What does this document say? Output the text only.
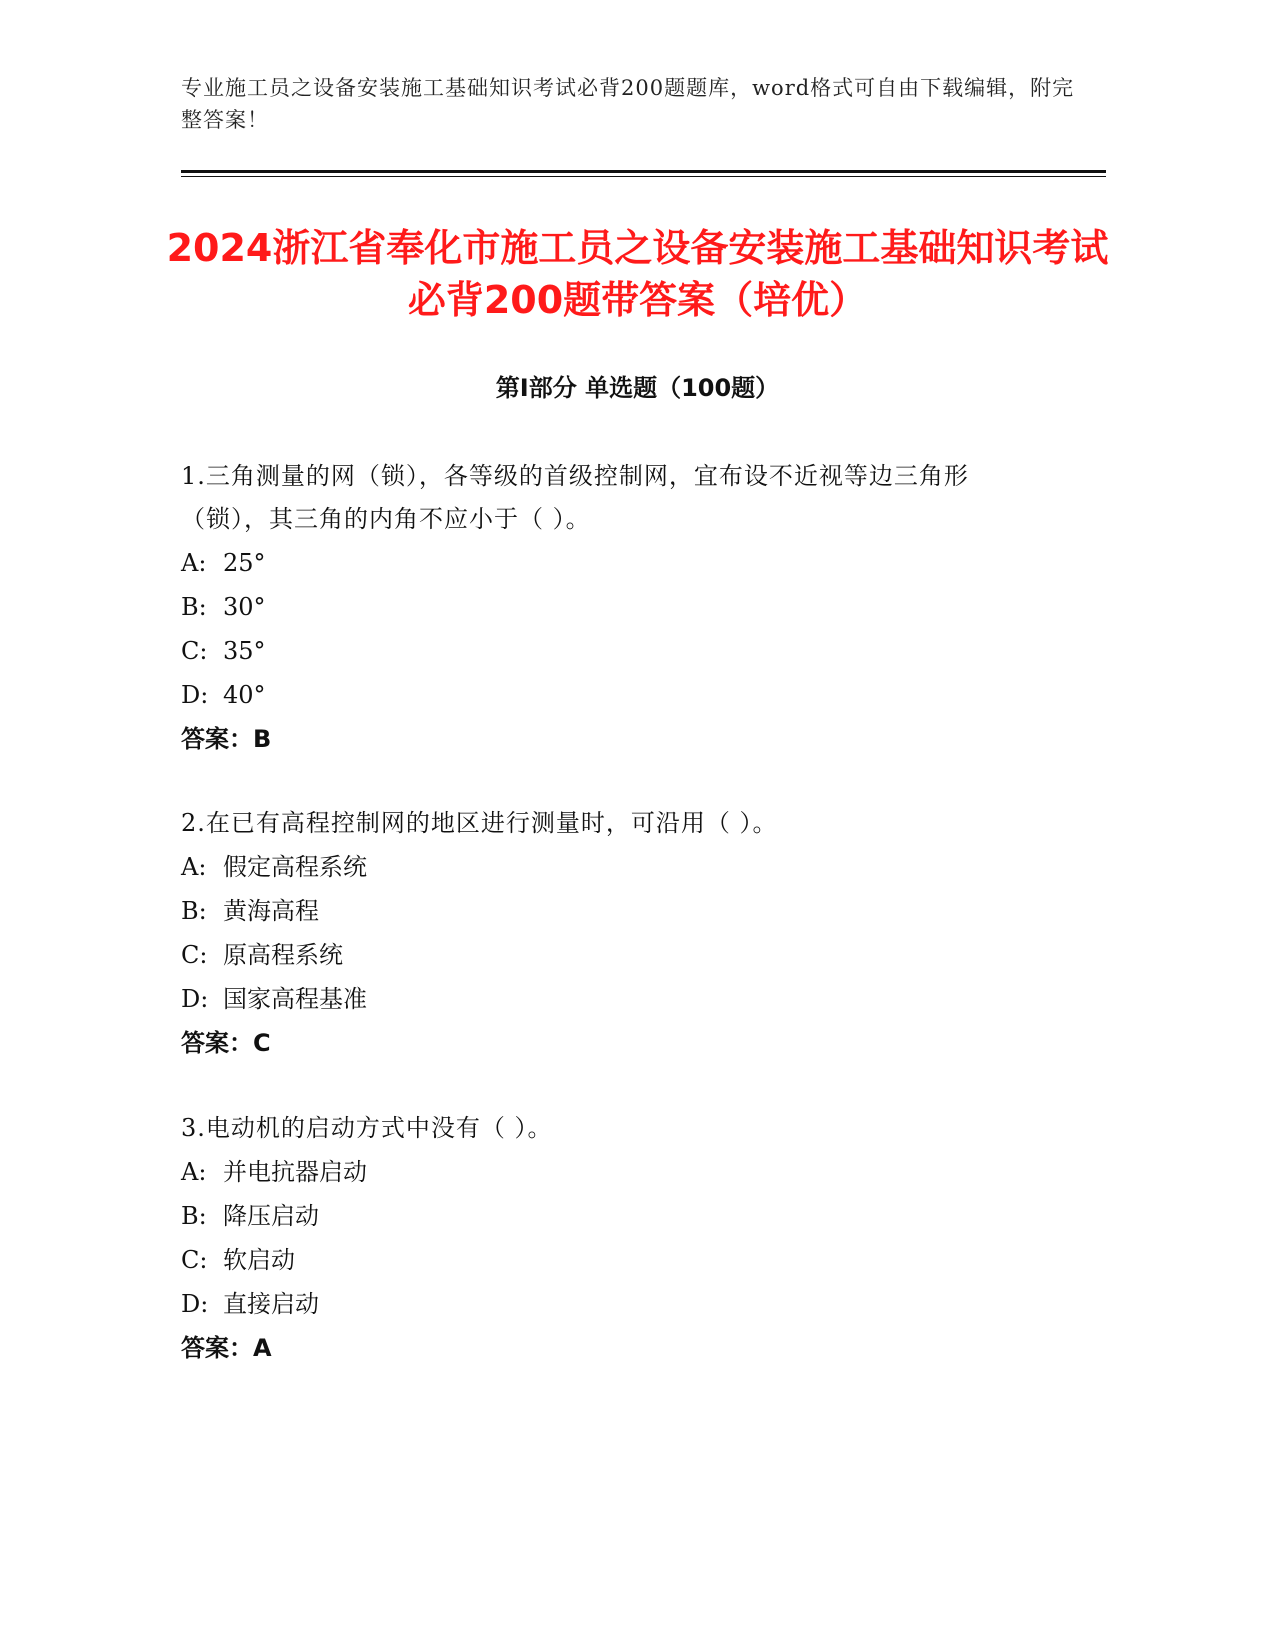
专业施工员之设备安装施工基础知识考试必背200题题库，word格式可自由下载编辑，附完整答案！
2024浙江省奉化市施工员之设备安装施工基础知识考试必背200题带答案（培优）
第Ⅰ部分 单选题（100题）
1.三角测量的网（锁），各等级的首级控制网，宜布设不近视等边三角形（锁），其三角的内角不应小于（ ）。
A: 25°
B: 30°
C: 35°
D: 40°
答案：B
2.在已有高程控制网的地区进行测量时，可沿用（ ）。
A: 假定高程系统
B: 黄海高程
C: 原高程系统
D: 国家高程基准
答案：C
3.电动机的启动方式中没有（ ）。
A: 并电抗器启动
B: 降压启动
C: 软启动
D: 直接启动
答案：A
